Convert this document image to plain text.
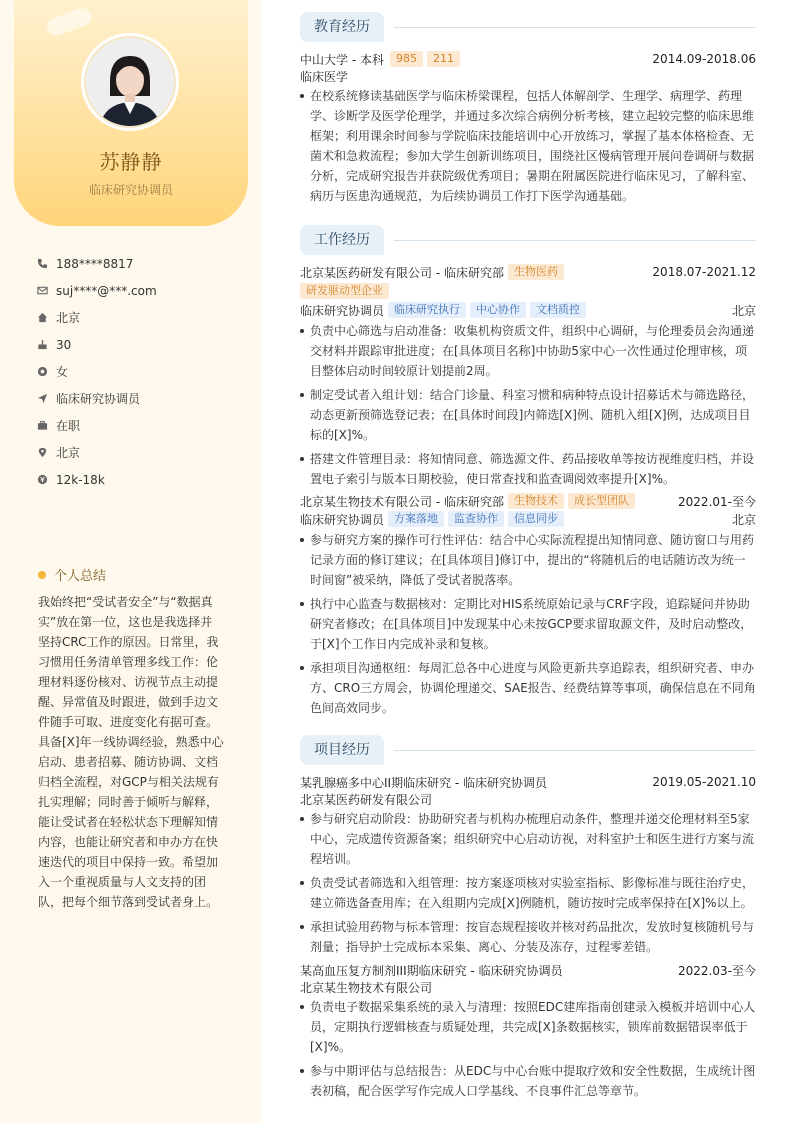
苏静静
临床研究协调员
188****8817
suj****@***.com
北京
30
女
临床研究协调员
在职
北京
12k-18k
个人总结
我始终把“受试者安全”与“数据真实”放在第一位，这也是我选择并坚持CRC工作的原因。日常里，我习惯用任务清单管理多线工作：伦理材料逐份核对、访视节点主动提醒、异常值及时跟进，做到手边文件随手可取、进度变化有据可查。具备[X]年一线协调经验，熟悉中心启动、患者招募、随访协调、文档归档全流程，对GCP与相关法规有扎实理解；同时善于倾听与解释，能让受试者在轻松状态下理解知情内容，也能让研究者和申办方在快速迭代的项目中保持一致。希望加入一个重视质量与人文支持的团队，把每个细节落到受试者身上。
教育经历
中山大学 - 本科	985	211	2014.09-2018.06
临床医学
在校系统修读基础医学与临床桥梁课程，包括人体解剖学、生理学、病理学、药理学、诊断学及医学伦理学，并通过多次综合病例分析考核，建立起较完整的临床思维框架；利用课余时间参与学院临床技能培训中心开放练习，掌握了基本体格检查、无菌术和急救流程；参加大学生创新训练项目，围绕社区慢病管理开展问卷调研与数据分析，完成研究报告并获院级优秀项目；暑期在附属医院进行临床见习，了解科室、病历与医患沟通规范，为后续协调员工作打下医学沟通基础。
工作经历
北京某医药研发有限公司 - 临床研究部 生物医药	2018.07-2021.12
研发驱动型企业
临床研究协调员 临床研究执行	中心协作	文档质控	北京
负责中心筛选与启动准备：收集机构资质文件，组织中心调研，与伦理委员会沟通递交材料并跟踪审批进度；在[具体项目名称]中协助5家中心一次性通过伦理审核，项目整体启动时间较原计划提前2周。
制定受试者入组计划：结合门诊量、科室习惯和病种特点设计招募话术与筛选路径，动态更新预筛选登记表；在[具体时间段]内筛选[X]例、随机入组[X]例，达成项目目标的[X]%。
搭建文件管理目录：将知情同意、筛选源文件、药品接收单等按访视维度归档，并设置电子索引与版本日期校验，使日常查找和监查调阅效率提升[X]%。
北京某生物技术有限公司 - 临床研究部 生物技术	成长型团队	2022.01-至今
临床研究协调员 方案落地	监查协作	信息同步	北京
参与研究方案的操作可行性评估：结合中心实际流程提出知情同意、随访窗口与用药记录方面的修订建议；在[具体项目]修订中，提出的“将随机后的电话随访改为统一时间窗”被采纳，降低了受试者脱落率。
执行中心监查与数据核对：定期比对HIS系统原始记录与CRF字段，追踪疑问并协助研究者修改；在[具体项目]中发现某中心未按GCP要求留取源文件，及时启动整改，于[X]个工作日内完成补录和复核。
承担项目沟通枢纽：每周汇总各中心进度与风险更新共享追踪表，组织研究者、申办方、CRO三方周会，协调伦理递交、SAE报告、经费结算等事项，确保信息在不同角色间高效同步。
项目经历
某乳腺癌多中心II期临床研究 - 临床研究协调员	2019.05-2021.10
北京某医药研发有限公司
参与研究启动阶段：协助研究者与机构办梳理启动条件，整理并递交伦理材料至5家中心，完成遗传资源备案；组织研究中心启动访视，对科室护士和医生进行方案与流程培训。
负责受试者筛选和入组管理：按方案逐项核对实验室指标、影像标准与既往治疗史，建立筛选备查用库；在入组期内完成[X]例随机，随访按时完成率保持在[X]%以上。
承担试验用药物与标本管理：按盲态规程接收并核对药品批次，发放时复核随机号与剂量；指导护士完成标本采集、离心、分装及冻存，过程零差错。
某高血压复方制剂III期临床研究 - 临床研究协调员	2022.03-至今
北京某生物技术有限公司
负责电子数据采集系统的录入与清理：按照EDC建库指南创建录入模板并培训中心人员，定期执行逻辑核查与质疑处理，共完成[X]条数据核实，锁库前数据错误率低于[X]%。
参与中期评估与总结报告：从EDC与中心台账中提取疗效和安全性数据，生成统计图表初稿，配合医学写作完成人口学基线、不良事件汇总等章节。
